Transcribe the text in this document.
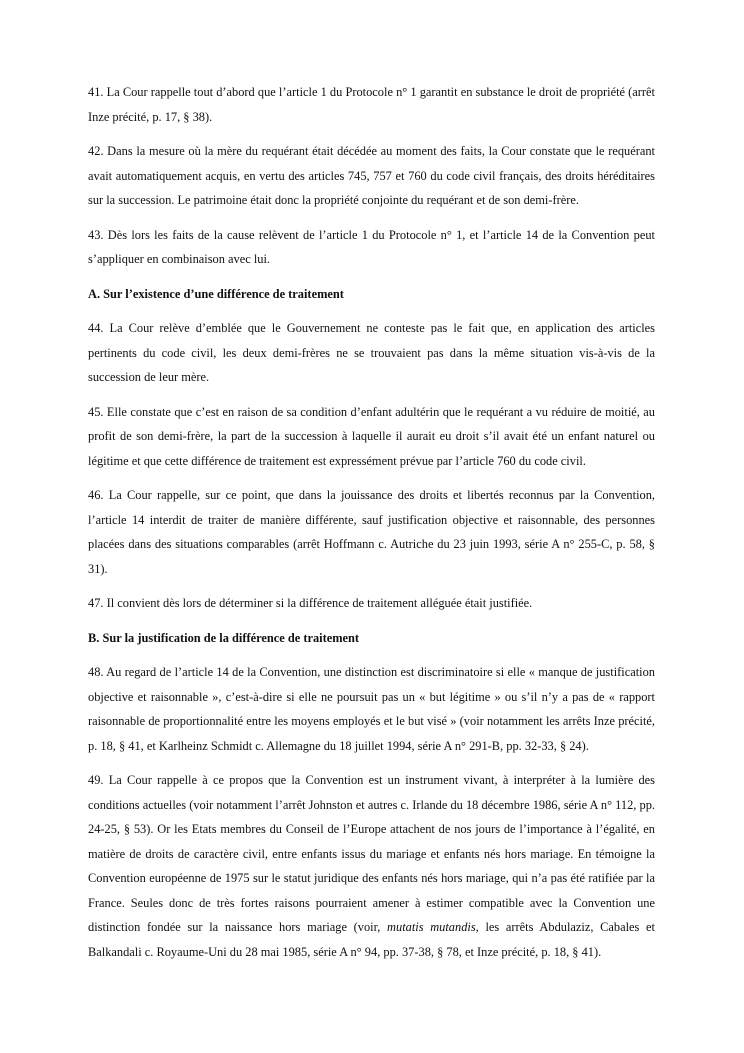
41. La Cour rappelle tout d’abord que l’article 1 du Protocole n° 1 garantit en substance le droit de propriété (arrêt Inze précité, p. 17, § 38).

42. Dans la mesure où la mère du requérant était décédée au moment des faits, la Cour constate que le requérant avait automatiquement acquis, en vertu des articles 745, 757 et 760 du code civil français, des droits héréditaires sur la succession. Le patrimoine était donc la propriété conjointe du requérant et de son demi-frère.

43. Dès lors les faits de la cause relèvent de l’article 1 du Protocole n° 1, et l’article 14 de la Convention peut s’appliquer en combinaison avec lui.

A. Sur l’existence d’une différence de traitement

44. La Cour relève d’emblée que le Gouvernement ne conteste pas le fait que, en application des articles pertinents du code civil, les deux demi-frères ne se trouvaient pas dans la même situation vis-à-vis de la succession de leur mère.

45. Elle constate que c’est en raison de sa condition d’enfant adultérin que le requérant a vu réduire de moitié, au profit de son demi-frère, la part de la succession à laquelle il aurait eu droit s’il avait été un enfant naturel ou légitime et que cette différence de traitement est expressément prévue par l’article 760 du code civil.

46. La Cour rappelle, sur ce point, que dans la jouissance des droits et libertés reconnus par la Convention, l’article 14 interdit de traiter de manière différente, sauf justification objective et raisonnable, des personnes placées dans des situations comparables (arrêt Hoffmann c. Autriche du 23 juin 1993, série A n° 255-C, p. 58, § 31).

47. Il convient dès lors de déterminer si la différence de traitement alléguée était justifiée.

B. Sur la justification de la différence de traitement

48. Au regard de l’article 14 de la Convention, une distinction est discriminatoire si elle « manque de justification objective et raisonnable », c’est-à-dire si elle ne poursuit pas un « but légitime » ou s’il n’y a pas de « rapport raisonnable de proportionnalité entre les moyens employés et le but visé » (voir notamment les arrêts Inze précité, p. 18, § 41, et Karlheinz Schmidt c. Allemagne du 18 juillet 1994, série A n° 291-B, pp. 32-33, § 24).

49. La Cour rappelle à ce propos que la Convention est un instrument vivant, à interpréter à la lumière des conditions actuelles (voir notamment l’arrêt Johnston et autres c. Irlande du 18 décembre 1986, série A n° 112, pp. 24-25, § 53). Or les Etats membres du Conseil de l’Europe attachent de nos jours de l’importance à l’égalité, en matière de droits de caractère civil, entre enfants issus du mariage et enfants nés hors mariage. En témoigne la Convention européenne de 1975 sur le statut juridique des enfants nés hors mariage, qui n’a pas été ratifiée par la France. Seules donc de très fortes raisons pourraient amener à estimer compatible avec la Convention une distinction fondée sur la naissance hors mariage (voir, mutatis mutandis, les arrêts Abdulaziz, Cabales et Balkandali c. Royaume-Uni du 28 mai 1985, série A n° 94, pp. 37-38, § 78, et Inze précité, p. 18, § 41).
